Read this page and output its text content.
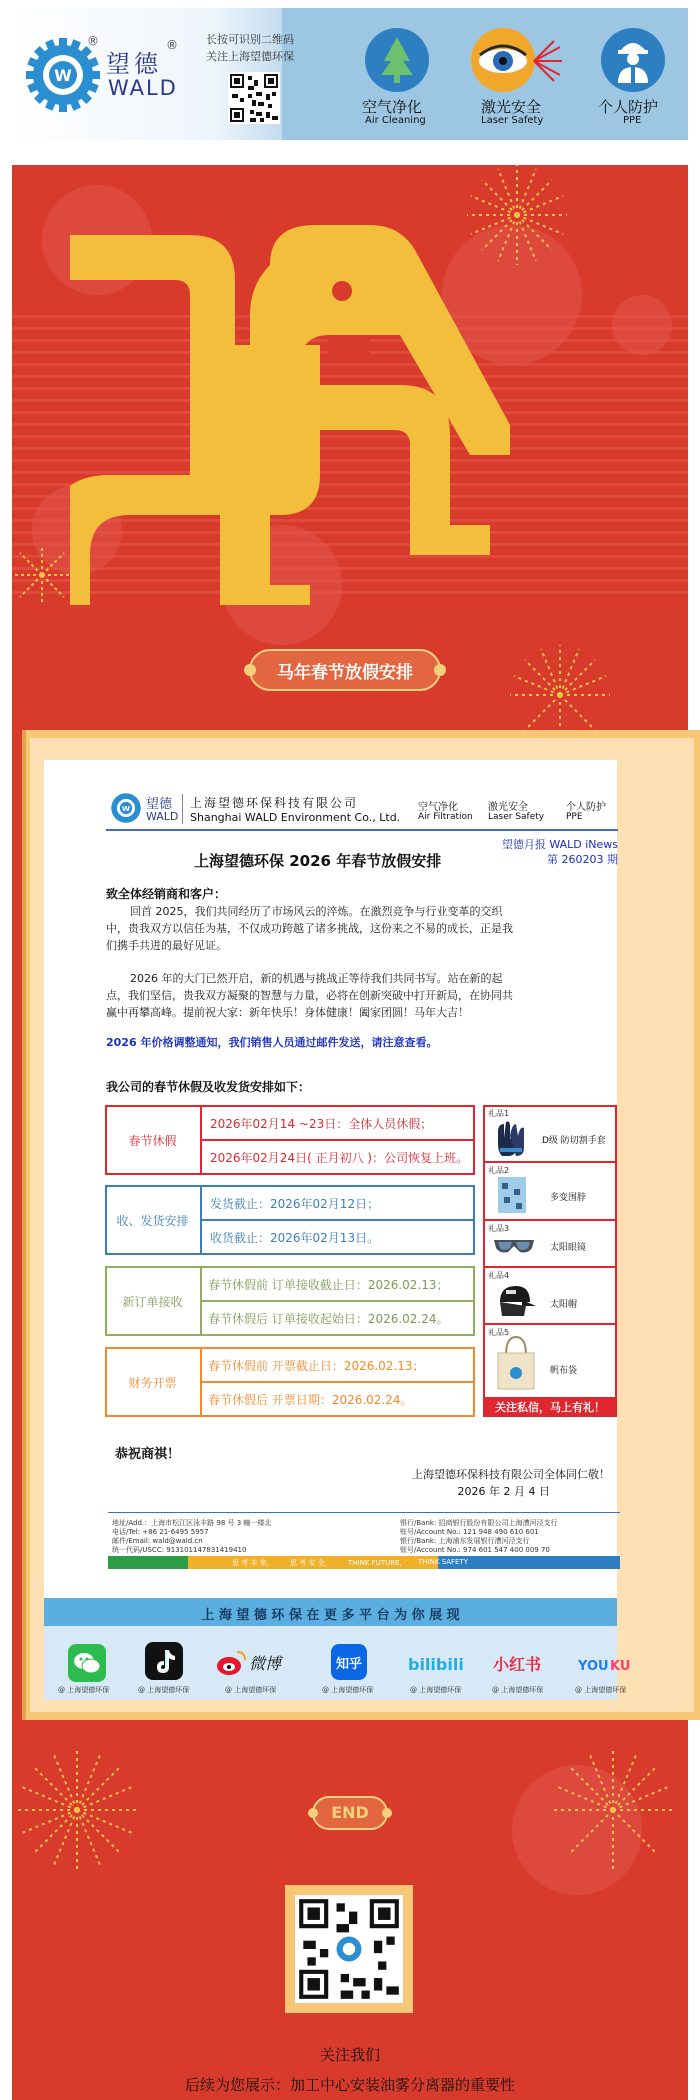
W
®
望德
®
WALD
长按可识别二维码
关注上海望德环保
空气净化
Air Cleaning
激光安全
Laser Safety
个人防护
PPE
马年春节放假安排
W 望德
WALD
上海望德环保科技有限公司
Shanghai WALD Environment Co., Ltd.
空气净化
Air Filtration
激光安全
Laser Safety
个人防护
PPE
望德月报 WALD iNews
第 260203 期
上海望德环保 2026 年春节放假安排
致全体经销商和客户：
回首 2025，我们共同经历了市场风云的淬炼。在激烈竞争与行业变革的交织
中，贵我双方以信任为基，不仅成功跨越了诸多挑战，这份来之不易的成长，正是我
们携手共进的最好见证。
2026 年的大门已然开启，新的机遇与挑战正等待我们共同书写。站在新的起
点，我们坚信，贵我双方凝聚的智慧与力量，必将在创新突破中打开新局，在协同共
赢中再攀高峰。提前祝大家：新年快乐！身体健康！阖家团圆！马年大吉！
2026 年价格调整通知，我们销售人员通过邮件发送，请注意查看。
我公司的春节休假及收发货安排如下：
春节休假
2026年02月14 ~23日：全体人员休假；
2026年02月24日( 正月初八 )：公司恢复上班。
收、发货安排
发货截止：2026年02月12日；
收货截止：2026年02月13日。
新订单接收
春节休假前 订单接收截止日：2026.02.13；
春节休假后 订单接收起始日：2026.02.24。
财务开票
春节休假前 开票截止日：2026.02.13；
春节休假后 开票日期：2026.02.24。
礼品1
D级 防切割手套
礼品2
多变围脖
礼品3
太阳眼镜
礼品4
太阳帽
礼品5
帆布袋
关注私信，马上有礼！
恭祝商祺！
上海望德环保科技有限公司全体同仁敬！
2026 年 2 月 4 日
地址/Add.：上海市松江区泳丰路 98 号 3 幢一楼北
电话/Tel: +86 21-6495 5957
邮件/Email: wald@wald.cn
统一代码/USCC: 913101147831419410
银行/Bank: 招商银行股份有限公司上海漕河泾支行
账号/Account No.: 121 948 490 610 601
银行/Bank: 上海浦东发展银行漕河泾支行
账号/Account No.: 974 601 547 400 009 70
思 考 未 来， 思 考 安 全， THINK FUTURE， THINK SAFETY
上 海 望 德 环 保 在 更 多 平 台 为 你 展 现
微博	知乎	bilibili 小红书	YOU KU
@ 上海望德环保	@ 上海望德环保	@ 上海望德环保	@ 上海望德环保	@ 上海望德环保	@ 上海望德环保	@ 上海望德环保
END
关注我们
后续为您展示：加工中心安装油雾分离器的重要性
